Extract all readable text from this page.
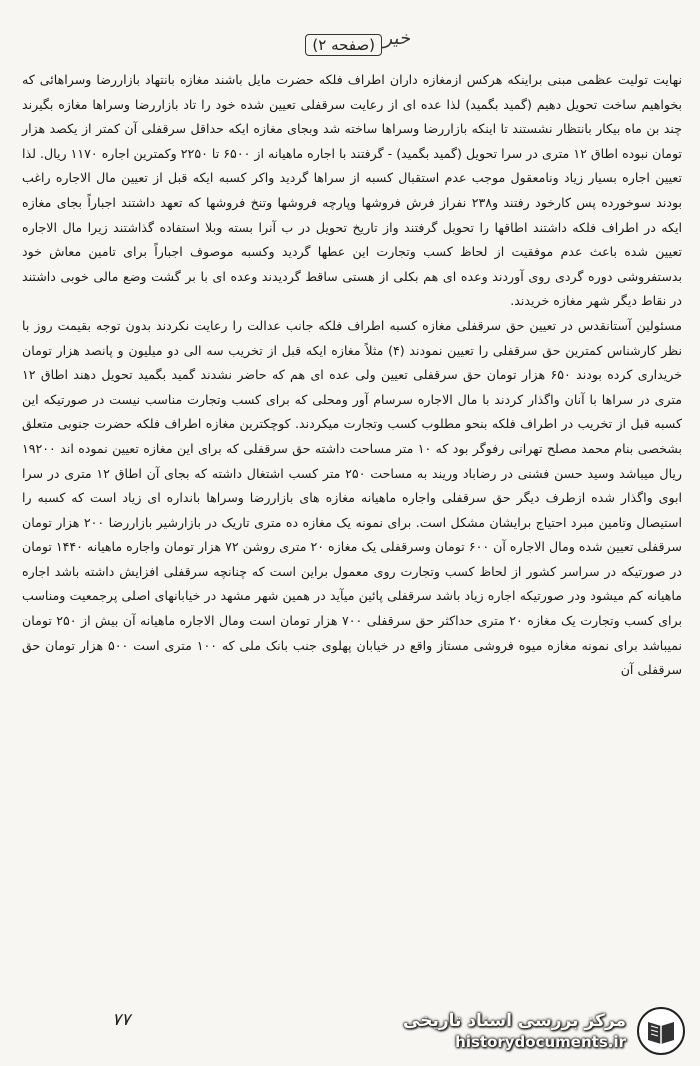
خیر
(صفحه ۲)

نهایت تولیت عظمی مبنی براینکه هرکس ازمغازه داران اطراف فلکه حضرت مایل باشند مغازه بانتهاد بازاررضا وسراهائی که بخواهیم ساخت تحویل دهیم (گمید بگمید) لذا عده ای از رعایت سرقفلی تعیین شده خود را تاد بازاررضا وسراها مغازه بگیرند چند بن ماه بیکار بانتظار نشستند تا اینکه بازاررضا وسراها ساخته شد وبجای مغازه ایکه حداقل سرقفلی آن کمتر از یکصد هزار تومان نبوده اطاق ۱۲ متری در سرا تحویل (گمید بگمید) - گرفتند با اجاره ماهیانه از ۶۵۰۰ تا ۲۲۵۰ وکمترین اجاره ۱۱۷۰ ریال. لذا تعیین اجاره بسیار زیاد ونامعقول موجب عدم استقبال کسبه از سراها گردید واکر کسبه ایکه قبل از تعیین مال الاجاره راغب بودند سوخورده پس کارخود رفتند و۲۳۸ نفراز فرش فروشها وپارچه فروشها وتنخ فروشها که تعهد داشتند اجباراً بجای مغازه ایکه در اطراف فلکه داشتند اطاقها را تحویل گرفتند واز تاریخ تحویل در ب آنرا بسته وبلا استفاده گذاشتند زیرا مال الاجاره تعیین شده باعث عدم موفقیت از لحاظ کسب وتجارت این عطها گردید وکسبه موصوف اجباراً برای تامین معاش خود بدستفروشی دوره گردی روی آوردند وعده ای هم بکلی از هستی ساقط گردیدند وعده ای با بر گشت وضع مالی خوبی داشتند در نقاط دیگر شهر مغازه خریدند.

مسئولین آستانقدس در تعیین حق سرقفلی مغازه کسبه اطراف فلکه جانب عدالت را رعایت نکردند بدون توجه بقیمت روز با نظر کارشناس کمترین حق سرقفلی را تعیین نمودند (۴) مثلاً مغازه ایکه قبل از تخریب سه الی دو میلیون و پانصد هزار تومان خریداری کرده بودند ۶۵۰ هزار تومان حق سرقفلی تعیین ولی عده ای هم که حاضر نشدند گمید بگمید تحویل دهند اطاق ۱۲ متری در سراها با آنان واگذار کردند با مال الاجاره سرسام آور ومحلی که برای کسب وتجارت مناسب نیست در صورتیکه این کسبه قبل از تخریب در اطراف فلکه بنحو مطلوب کسب وتجارت میکردند. کوچکترین مغازه اطراف فلکه حضرت جنوبی متعلق بشخصی بنام محمد مصلح تهرانی رفوگر بود که ۱۰ متر مساحت داشته حق سرقفلی که برای این مغازه تعیین نموده اند ۱۹۲۰۰ ریال میباشد وسید حسن فشنی در رضاباد وریند به مساحت ۲۵۰ متر کسب اشتغال داشته که بجای آن اطاق ۱۲ متری در سرا ابوی واگذار شده ازطرف دیگر حق سرقفلی واجاره ماهیانه مغازه های بازاررضا وسراها بانداره ای زیاد است که کسبه را استیصال وتامین مبرد احتیاج برایشان مشکل است. برای نمونه یک مغازه ده متری تاریک در بازارشیر بازاررضا ۲۰۰ هزار تومان سرقفلی تعیین شده ومال الاجاره آن ۶۰۰ تومان وسرقفلی یک مغازه ۲۰ متری روشن ۷۲ هزار تومان واجاره ماهیانه ۱۴۴۰ تومان در صورتیکه در سراسر کشور از لحاظ کسب وتجارت روی معمول براین است که چنانچه سرقفلی افزایش داشته باشد اجاره ماهیانه کم میشود ودر صورتیکه اجاره زیاد باشد سرقفلی پائین میآید در همین شهر مشهد در خیابانهای اصلی پرجمعیت ومناسب برای کسب وتجارت یک مغازه ۲۰ متری حداکثر حق سرقفلی ۷۰۰ هزار تومان است ومال الاجاره ماهیانه آن بیش از ۲۵۰ تومان نمیباشد برای نمونه مغازه میوه فروشی مستاز واقع در خیابان پهلوی جنب بانک ملی که ۱۰۰ متری است ۵۰۰ هزار تومان حق سرقفلی آن

۷۷	مرکز بررسی اسناد تاریخی
historydocuments.ir
